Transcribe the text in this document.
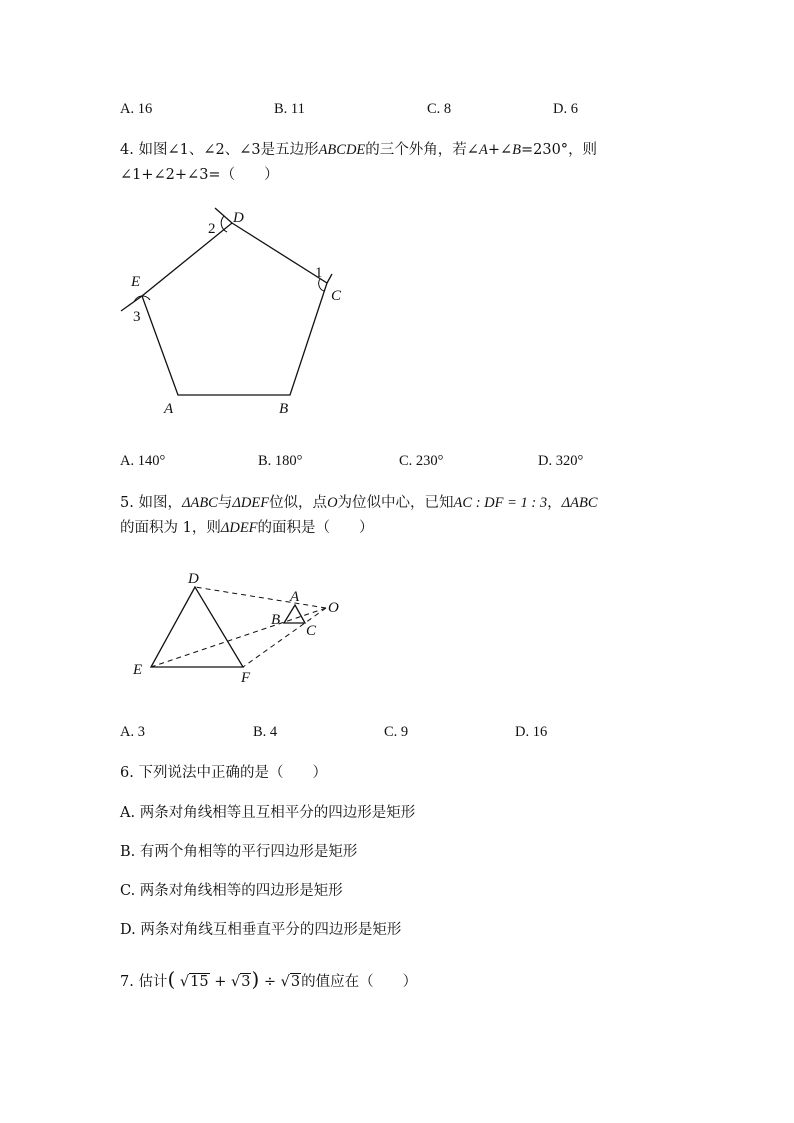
A. 16	B. 11	C. 8	D. 6
4. 如图∠1、∠2、∠3是五边形ABCDE的三个外角，若∠A+∠B=230°，则
∠1+∠2+∠3=（　　）
D
2
1
C
E
3
A	B
A. 140°	B. 180°	C. 230°	D. 320°
5. 如图，ΔABC与ΔDEF位似，点O为位似中心，已知AC : DF = 1 : 3，ΔABC
的面积为 1，则ΔDEF的面积是（　　）
D
A
B
C
O
E	F
A. 3	B. 4	C. 9	D. 16
6. 下列说法中正确的是（　　）
A. 两条对角线相等且互相平分的四边形是矩形
B. 有两个角相等的平行四边形是矩形
C. 两条对角线相等的四边形是矩形
D. 两条对角线互相垂直平分的四边形是矩形
7. 估计( √15 + √3) ÷ √3的值应在（　　）
